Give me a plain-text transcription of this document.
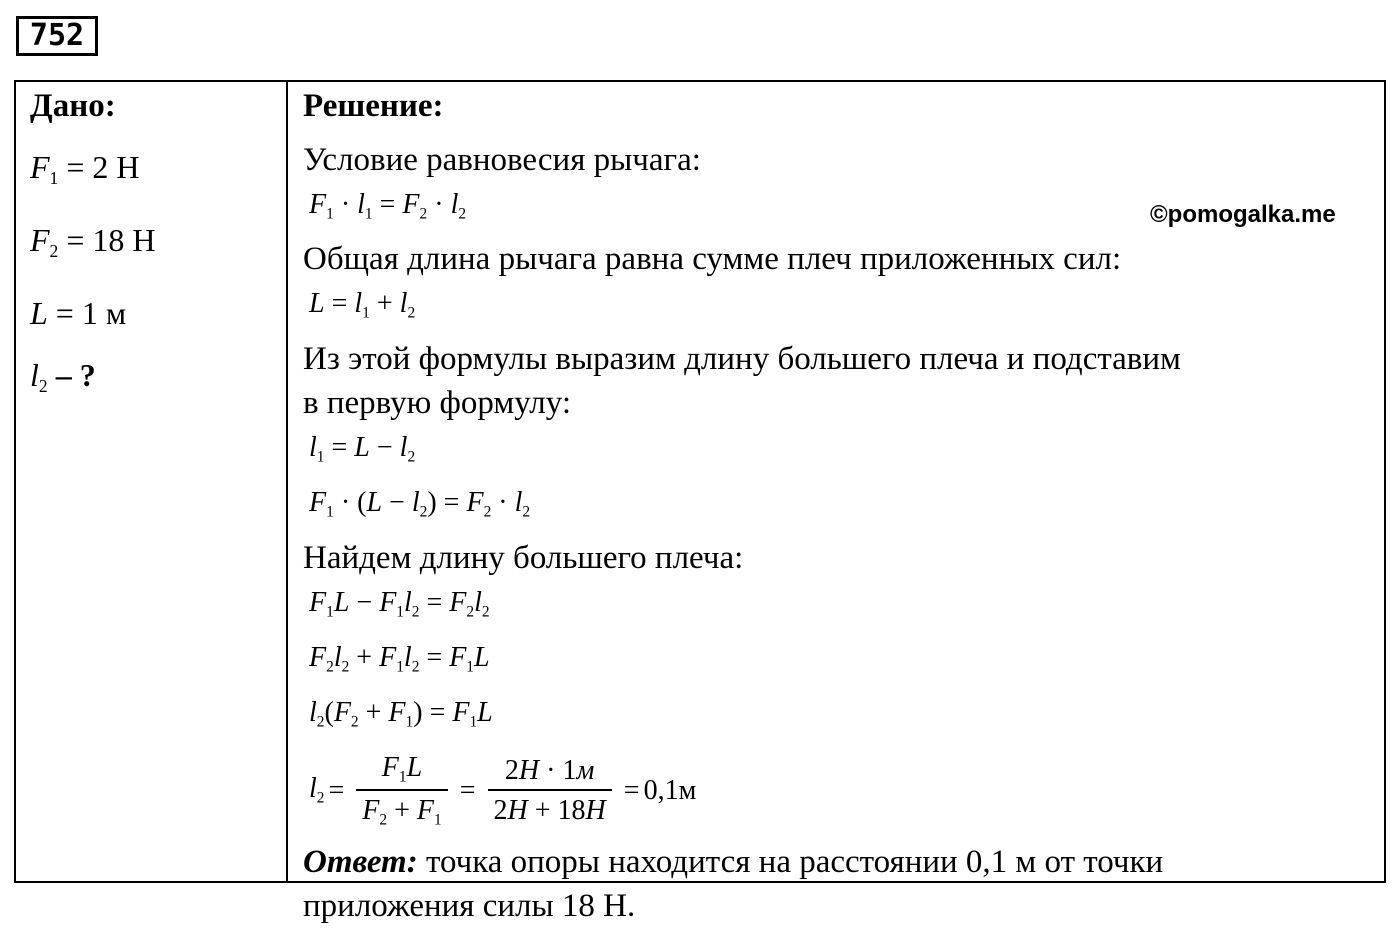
752
Дано:
$F_1 = 2$ Н
$F_2 = 18$ Н
L = 1 м
$l_2$ – ?
©pomogalka.me
Решение:
Условие равновесия рычага:
$F_1 \cdot l_1 = F_2 \cdot l_2$
Общая длина рычага равна сумме плеч приложенных сил:
$L = l_1 + l_2$
Из этой формулы выразим длину большего плеча и подставим
в первую формулу:
$l_1 = L - l_2$
$F_1 \cdot (L - l_2) = F_2 \cdot l_2$
Найдем длину большего плеча:
$F_1L - F_1l_2 = F_2l_2$
$F_2l_2 + F_1l_2 = F_1L$
$l_2(F_2 + F_1) = F_1L$
$l_2 = \frac{F_1L}{F_2 + F_1} = \frac{2H \cdot 1м}{2H + 18H} = 0,1м$
Ответ: точка опоры находится на расстоянии 0,1 м от точки
приложения силы 18 Н.
